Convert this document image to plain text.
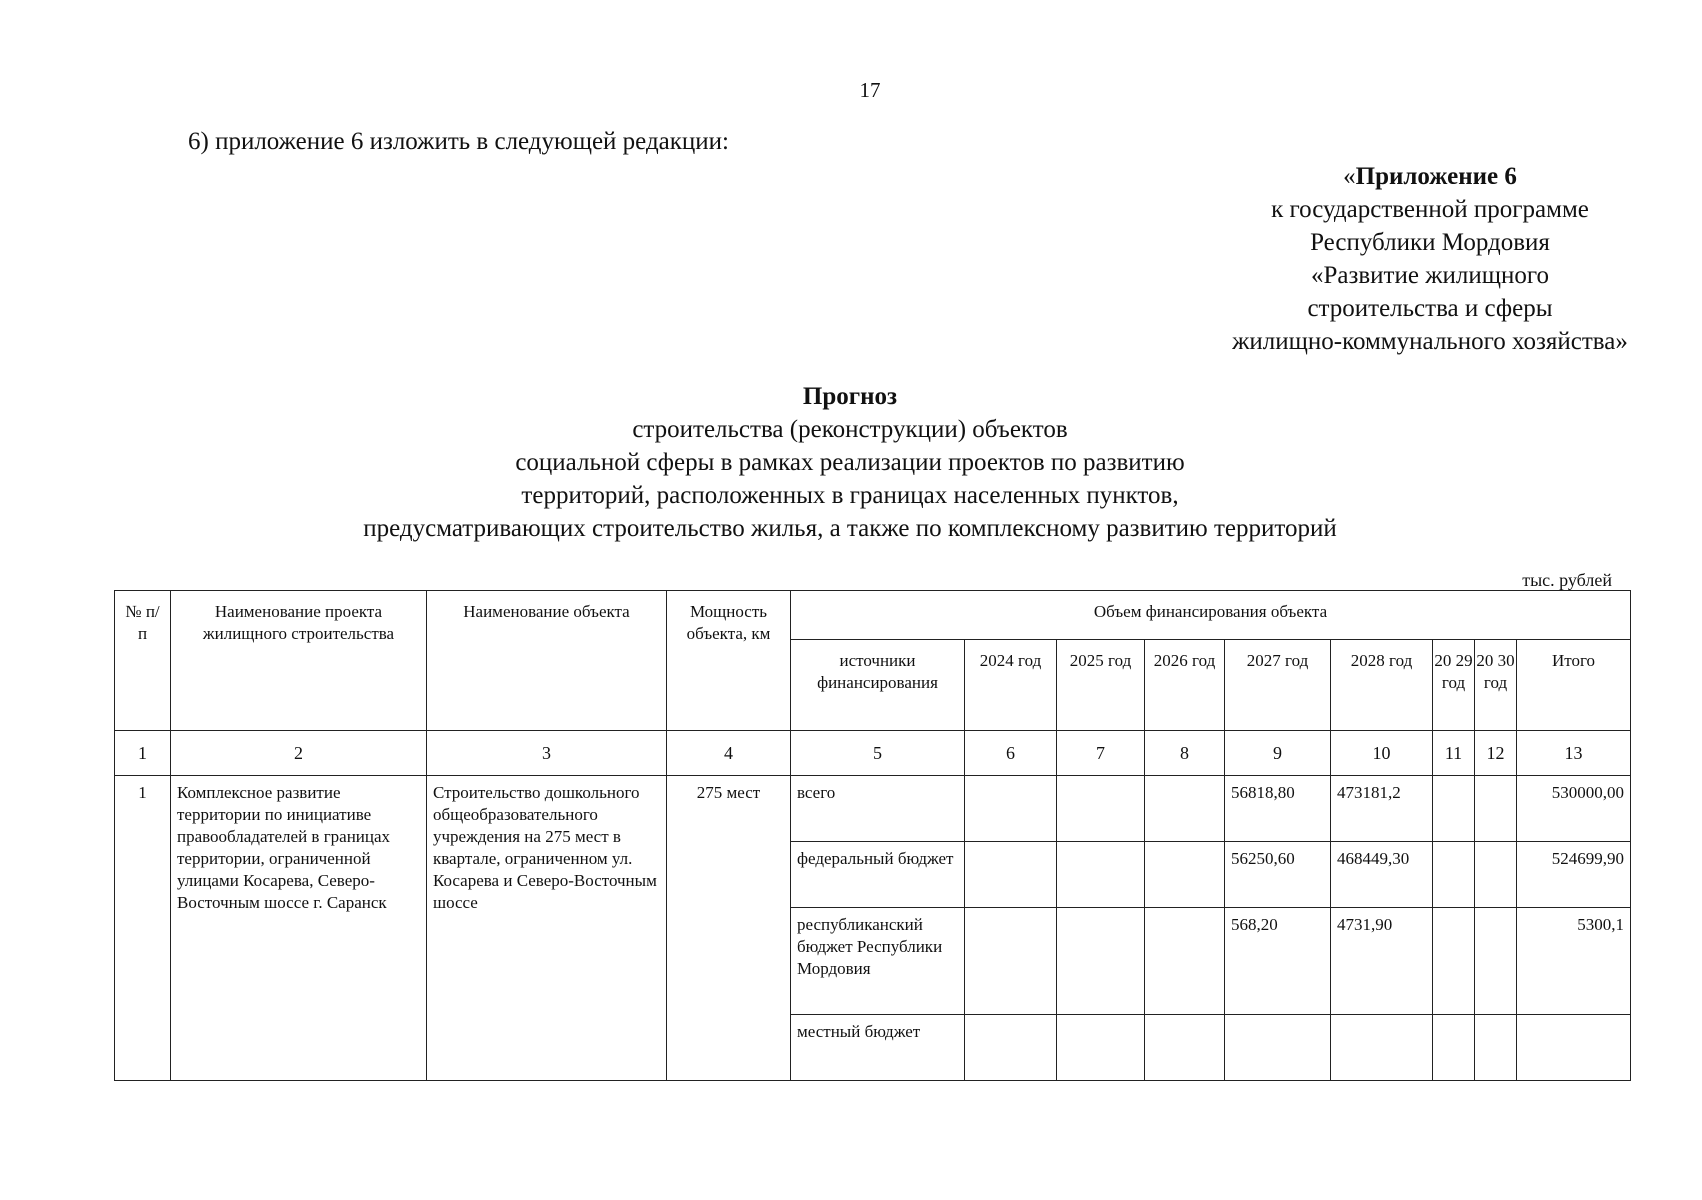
17
6) приложение 6 изложить в следующей редакции:
«Приложение 6
к государственной программе
Республики Мордовия
«Развитие жилищного
строительства и сферы
жилищно-коммунального хозяйства»
Прогноз
строительства (реконструкции) объектов
социальной сферы в рамках реализации проектов по развитию
территорий, расположенных в границах населенных пунктов,
предусматривающих строительство жилья, а также по комплексному развитию территорий
тыс. рублей
№ п/п	Наименование проекта жилищного строительства	Наименование объекта	Мощность объекта, км	Объем финансирования объекта								
				источники финансирования	2024 год	2025 год	2026 год	2027 год	2028 год	20 29 год	20 30 год	Итого
1	2	3	4	5	6	7	8	9	10	11	12	13
1	Комплексное развитие территории по инициативе правообладателей в границах территории, ограниченной улицами Косарева, Северо-Восточным шоссе г. Саранск	Строительство дошкольного общеобразовательного учреждения на 275 мест в квартале, ограниченном ул. Косарева и Северо-Восточным шоссе	275 мест	всего				56818,80	473181,2			530000,00
				федеральный бюджет				56250,60	468449,30			524699,90
				республиканский бюджет Республики Мордовия				568,20	4731,90			5300,1
				местный бюджет								
